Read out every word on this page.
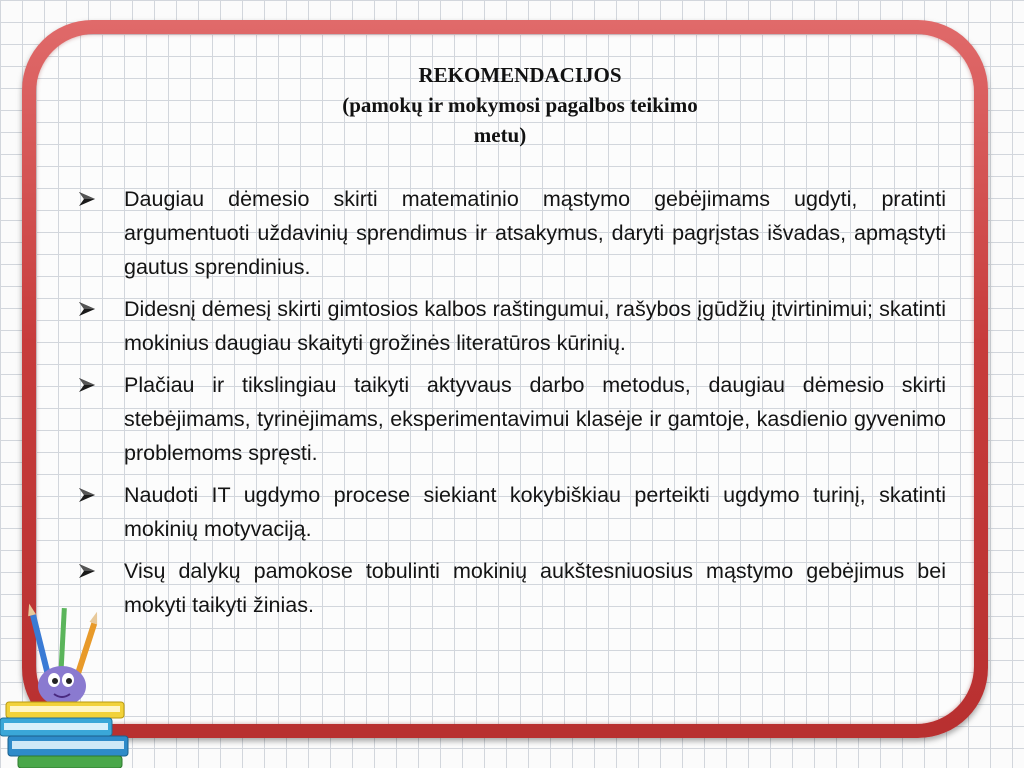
REKOMENDACIJOS
(pamokų ir mokymosi pagalbos teikimo
metu)
Daugiau dėmesio skirti matematinio mąstymo gebėjimams ugdyti, pratinti argumentuoti uždavinių sprendimus ir atsakymus, daryti pagrįstas išvadas, apmąstyti gautus sprendinius.
Didesnį dėmesį skirti gimtosios kalbos raštingumui, rašybos įgūdžių įtvirtinimui; skatinti mokinius daugiau skaityti grožinės literatūros kūrinių.
Plačiau ir tikslingiau taikyti aktyvaus darbo metodus, daugiau dėmesio skirti stebėjimams, tyrinėjimams, eksperimentavimui klasėje ir gamtoje, kasdienio gyvenimo problemoms spręsti.
Naudoti IT ugdymo procese siekiant kokybiškiau perteikti ugdymo turinį, skatinti mokinių motyvaciją.
Visų dalykų pamokose tobulinti mokinių aukštesniuosius mąstymo gebėjimus bei mokyti taikyti žinias.
